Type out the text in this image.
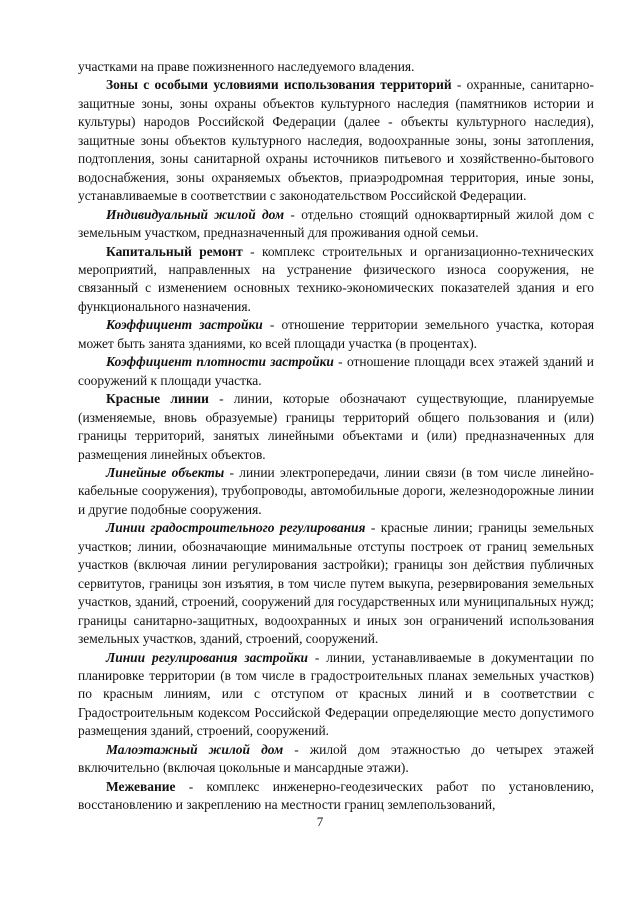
участками на праве пожизненного наследуемого владения.

Зоны с особыми условиями использования территорий - охранные, санитарно-защитные зоны, зоны охраны объектов культурного наследия (памятников истории и культуры) народов Российской Федерации (далее - объекты культурного наследия), защитные зоны объектов культурного наследия, водоохранные зоны, зоны затопления, подтопления, зоны санитарной охраны источников питьевого и хозяйственно-бытового водоснабжения, зоны охраняемых объектов, приаэродромная территория, иные зоны, устанавливаемые в соответствии с законодательством Российской Федерации.

Индивидуальный жилой дом - отдельно стоящий одноквартирный жилой дом с земельным участком, предназначенный для проживания одной семьи.

Капитальный ремонт - комплекс строительных и организационно-технических мероприятий, направленных на устранение физического износа сооружения, не связанный с изменением основных технико-экономических показателей здания и его функционального назначения.

Коэффициент застройки - отношение территории земельного участка, которая может быть занята зданиями, ко всей площади участка (в процентах).

Коэффициент плотности застройки - отношение площади всех этажей зданий и сооружений к площади участка.

Красные линии - линии, которые обозначают существующие, планируемые (изменяемые, вновь образуемые) границы территорий общего пользования и (или) границы территорий, занятых линейными объектами и (или) предназначенных для размещения линейных объектов.

Линейные объекты - линии электропередачи, линии связи (в том числе линейно-кабельные сооружения), трубопроводы, автомобильные дороги, железнодорожные линии и другие подобные сооружения.

Линии градостроительного регулирования - красные линии; границы земельных участков; линии, обозначающие минимальные отступы построек от границ земельных участков (включая линии регулирования застройки); границы зон действия публичных сервитутов, границы зон изъятия, в том числе путем выкупа, резервирования земельных участков, зданий, строений, сооружений для государственных или муниципальных нужд; границы санитарно-защитных, водоохранных и иных зон ограничений использования земельных участков, зданий, строений, сооружений.

Линии регулирования застройки - линии, устанавливаемые в документации по планировке территории (в том числе в градостроительных планах земельных участков) по красным линиям, или с отступом от красных линий и в соответствии с Градостроительным кодексом Российской Федерации определяющие место допустимого размещения зданий, строений, сооружений.

Малоэтажный жилой дом - жилой дом этажностью до четырех этажей включительно (включая цокольные и мансардные этажи).

Межевание - комплекс инженерно-геодезических работ по установлению, восстановлению и закреплению на местности границ землепользований,

7
